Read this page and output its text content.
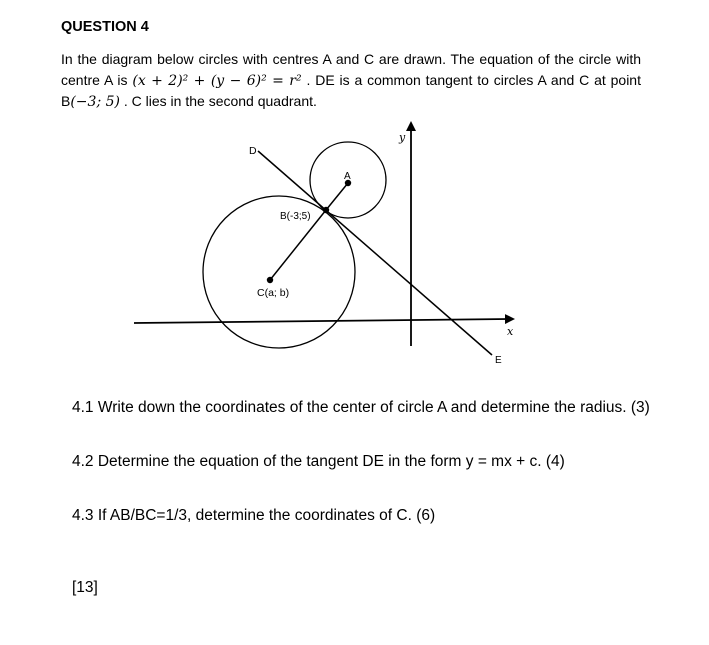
QUESTION 4
In the diagram below circles with centres A and C are drawn. The equation of the circle with centre A is (x + 2)² + (y − 6)² = r² . DE is a common tangent to circles A and C at point B(−3; 5) . C lies in the second quadrant.
D
E
A
B(-3;5)
C(a; b)
x
y
4.1 Write down the coordinates of the center of circle A and determine the radius. (3)
4.2 Determine the equation of the tangent DE in the form y = mx + c. (4)
4.3 If AB/BC=1/3, determine the coordinates of C. (6)
[13]
